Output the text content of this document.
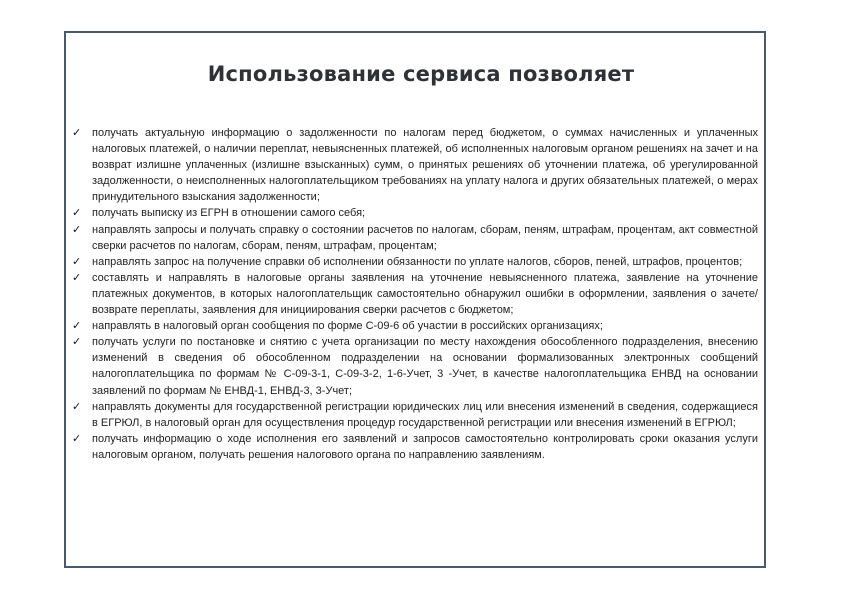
Использование сервиса позволяет
✓ получать актуальную информацию о задолженности по налогам перед бюджетом, о суммах начисленных и уплаченных налоговых платежей, о наличии переплат, невыясненных платежей, об исполненных налоговым органом решениях на зачет и на возврат излишне уплаченных (излишне взысканных) сумм, о принятых решениях об уточнении платежа, об урегулированной задолженности, о неисполненных налогоплательщиком требованиях на уплату налога и других обязательных платежей, о мерах принудительного взыскания задолженности;
✓ получать выписку из ЕГРН в отношении самого себя;
✓ направлять запросы и получать справку о состоянии расчетов по налогам, сборам, пеням, штрафам, процентам, акт совместной сверки расчетов по налогам, сборам, пеням, штрафам, процентам;
✓ направлять запрос на получение справки об исполнении обязанности по уплате налогов, сборов, пеней, штрафов, процентов;
✓ составлять и направлять в налоговые органы заявления на уточнение невыясненного платежа, заявление на уточнение платежных документов, в которых налогоплательщик самостоятельно обнаружил ошибки в оформлении, заявления о зачете/возврате переплаты, заявления для инициирования сверки расчетов с бюджетом;
✓ направлять в налоговый орган сообщения по форме С-09-6 об участии в российских организациях;
✓ получать услуги по постановке и снятию с учета организации по месту нахождения обособленного подразделения, внесению изменений в сведения об обособленном подразделении на основании формализованных электронных сообщений налогоплательщика по формам № С-09-3-1, С-09-3-2, 1-6-Учет, 3 -Учет, в качестве налогоплательщика ЕНВД на основании заявлений по формам № ЕНВД-1, ЕНВД-3, 3-Учет;
✓ направлять документы для государственной регистрации юридических лиц или внесения изменений в сведения, содержащиеся в ЕГРЮЛ, в налоговый орган для осуществления процедур государственной регистрации или внесения изменений в ЕГРЮЛ;
✓ получать информацию о ходе исполнения его заявлений и запросов самостоятельно контролировать сроки оказания услуги налоговым органом, получать решения налогового органа по направлению заявлениям.
